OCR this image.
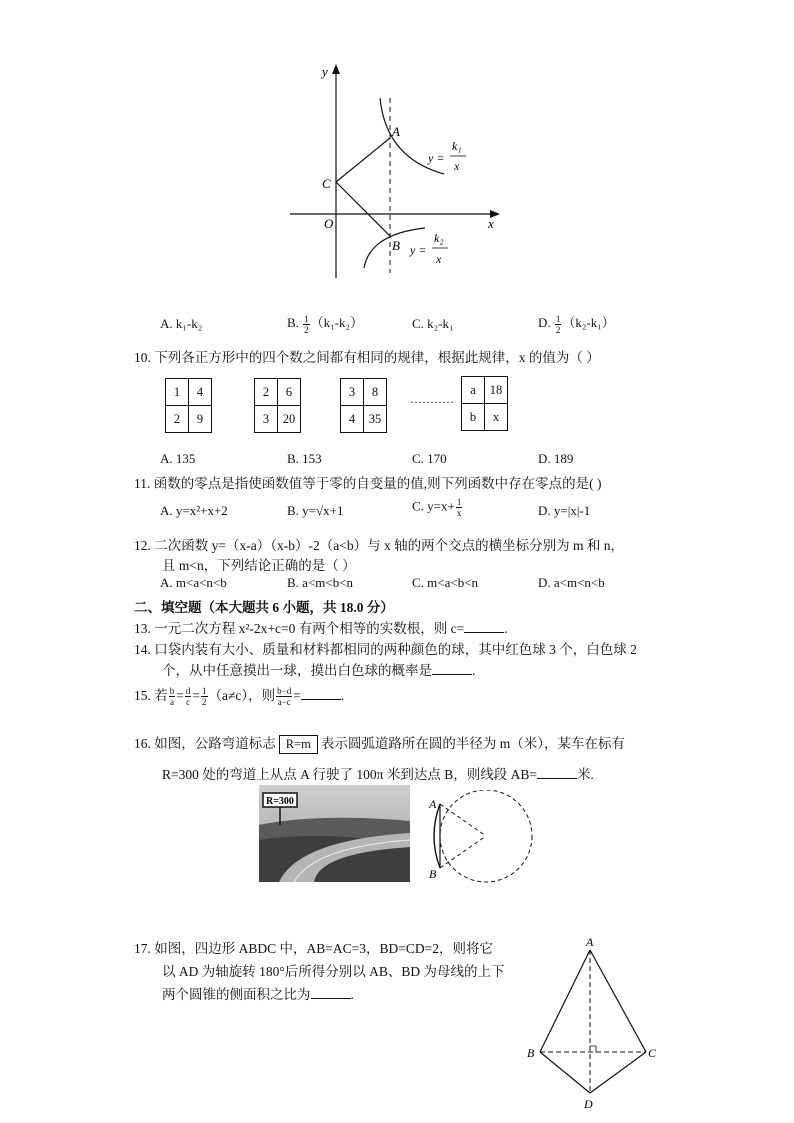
y
x
O
A
B
C
y =
k₁
x
y =
k₂
x
A. k₁-k₂	B. $\frac{1}{2} (k_1-k_2)$	C. k₂-k₁	D. $\frac{1}{2} (k_2-k_1)$
10. 下列各正方形中的四个数之间都有相同的规律，根据此规律，x 的值为（ ）
1	4
2	9
2	6
3	20
3	8
4	35
···········
a	18
b	x
A. 135	B. 153	C. 170	D. 189
11. 函数的零点是指使函数值等于零的自变量的值,则下列函数中存在零点的是( )
A. y=x²+x+2	B. y=√x+1	C. $y=x+ \frac{1}{x}$	D. y=|x|-1
12. 二次函数 y=（x-a）（x-b）-2（a<b）与 x 轴的两个交点的横坐标分别为 m 和 n，
且 m<n，下列结论正确的是（ ）
A. m<a<n<b	B. a<m<b<n	C. m<a<b<n	D. a<m<n<b
二、填空题（本大题共 6 小题，共 18.0 分）
13. 一元二次方程 x²-2x+c=0 有两个相等的实数根，则 c=	.
14. 口袋内装有大小、质量和材料都相同的两种颜色的球，其中红色球 3 个，白色球 2
个，从中任意摸出一球，摸出白色球的概率是	.
15. 若 $\frac{b}{a} = \frac{d}{c} = \frac{1}{2} (a\ne c)$，则 $\frac{b-d}{a-c}$ =	.
16. 如图，公路弯道标志 R=m 表示圆弧道路所在圆的半径为 m（米），某车在标有
R=300 处的弯道上从点 A 行驶了 100π 米到达点 B，则线段 AB=	米.
R=300	A
B
17. 如图，四边形 ABDC 中，AB=AC=3，BD=CD=2，则将它
以 AD 为轴旋转 180°后所得分别以 AB、BD 为母线的上下
两个圆锥的侧面积之比为	.
A
B	C
D
